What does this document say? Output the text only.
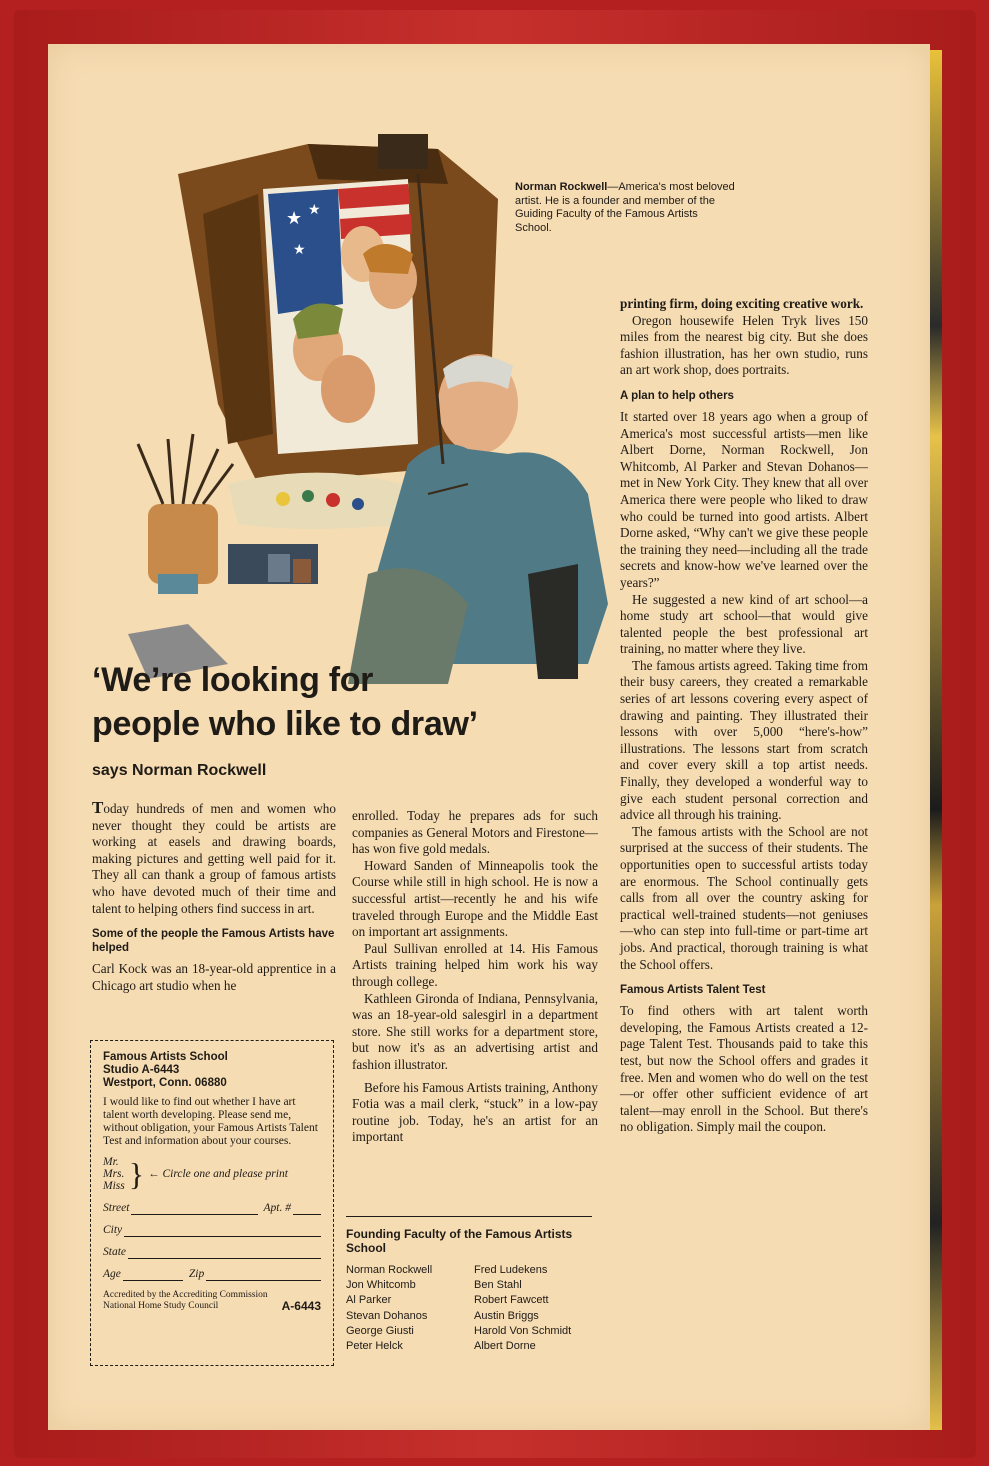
★ ★
★
Norman Rockwell—America's most beloved artist. He is a founder and member of the Guiding Faculty of the Famous Artists School.
‘We’re looking for
people who like to draw’
says Norman Rockwell

Today hundreds of men and women who never thought they could be artists are working at easels and drawing boards, making pictures and getting well paid for it. They all can thank a group of famous artists who have devoted much of their time and talent to helping others find success in art.

Some of the people the Famous Artists have helped

Carl Kock was an 18-year-old apprentice in a Chicago art studio when he

Famous Artists School
Studio A-6443
Westport, Conn. 06880
I would like to find out whether I have art talent worth developing. Please send me, without obligation, your Famous Artists Talent Test and information about your courses.
Mr.
Mrs.
Miss } ← Circle one and please print
Street	Apt. #
City
State
Age	Zip
Accredited by the Accrediting Commission National Home Study Council	A-6443

enrolled. Today he prepares ads for such companies as General Motors and Firestone—has won five gold medals.

Howard Sanden of Minneapolis took the Course while still in high school. He is now a successful artist—recently he and his wife traveled through Europe and the Middle East on important art assignments.

Paul Sullivan enrolled at 14. His Famous Artists training helped him work his way through college.

Kathleen Gironda of Indiana, Pennsylvania, was an 18-year-old salesgirl in a department store. She still works for a department store, but now it's as an advertising artist and fashion illustrator.

Before his Famous Artists training, Anthony Fotia was a mail clerk, “stuck” in a low-pay routine job. Today, he's an artist for an important

Founding Faculty of the Famous Artists School
Norman Rockwell	Fred Ludekens
Jon Whitcomb	Ben Stahl
Al Parker	Robert Fawcett
Stevan Dohanos	Austin Briggs
George Giusti	Harold Von Schmidt
Peter Helck	Albert Dorne

printing firm, doing exciting creative work.

Oregon housewife Helen Tryk lives 150 miles from the nearest big city. But she does fashion illustration, has her own studio, runs an art work shop, does portraits.

A plan to help others

It started over 18 years ago when a group of America's most successful artists—men like Albert Dorne, Norman Rockwell, Jon Whitcomb, Al Parker and Stevan Dohanos—met in New York City. They knew that all over America there were people who liked to draw who could be turned into good artists. Albert Dorne asked, “Why can't we give these people the training they need—including all the trade secrets and know-how we've learned over the years?”

He suggested a new kind of art school—a home study art school—that would give talented people the best professional art training, no matter where they live.

The famous artists agreed. Taking time from their busy careers, they created a remarkable series of art lessons covering every aspect of drawing and painting. They illustrated their lessons with over 5,000 “here's-how” illustrations. The lessons start from scratch and cover every skill a top artist needs. Finally, they developed a wonderful way to give each student personal correction and advice all through his training.

The famous artists with the School are not surprised at the success of their students. The opportunities open to successful artists today are enormous. The School continually gets calls from all over the country asking for practical well-trained students—not geniuses—who can step into full-time or part-time art jobs. And practical, thorough training is what the School offers.

Famous Artists Talent Test

To find others with art talent worth developing, the Famous Artists created a 12-page Talent Test. Thousands paid to take this test, but now the School offers and grades it free. Men and women who do well on the test—or offer other sufficient evidence of art talent—may enroll in the School. But there's no obligation. Simply mail the coupon.
